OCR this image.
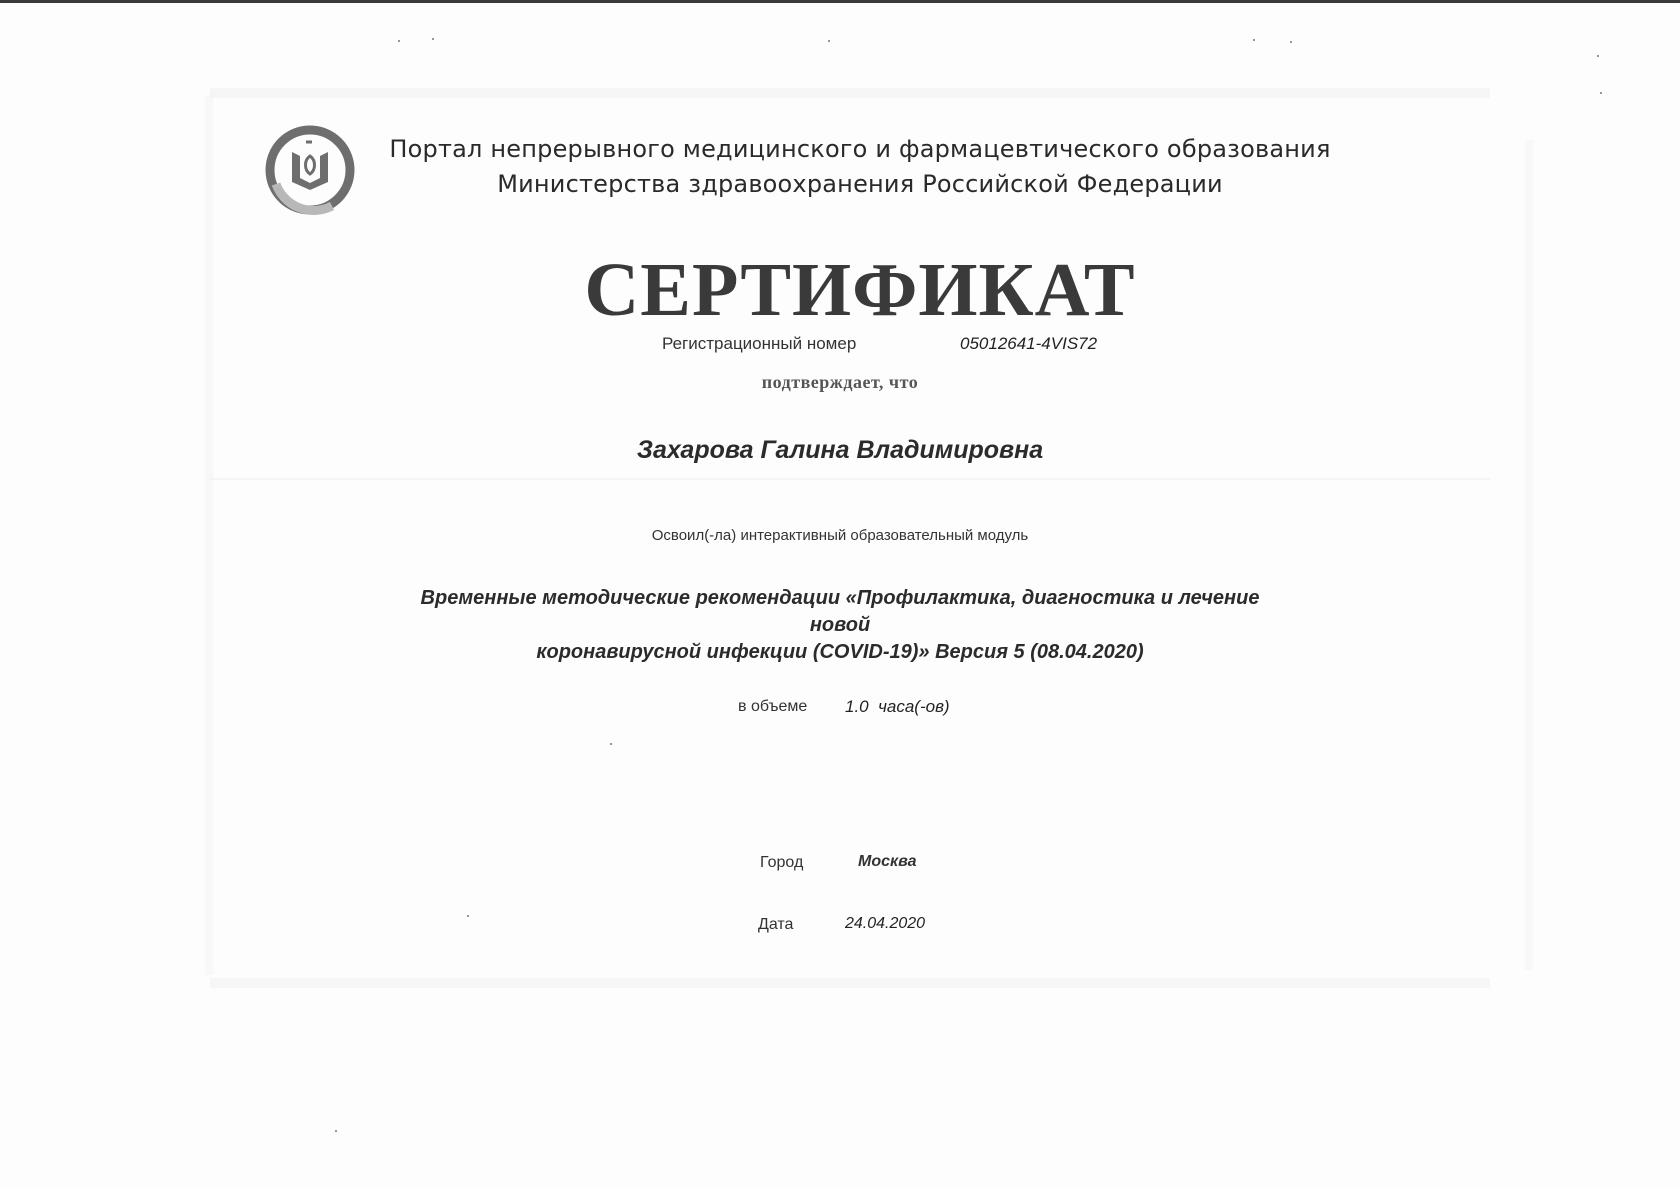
Портал непрерывного медицинского и фармацевтического образования
Министерства здравоохранения Российской Федерации
СЕРТИФИКАТ
Регистрационный номер	05012641-4VIS72
подтверждает, что
Захарова Галина Владимировна
Освоил(-ла) интерактивный образовательный модуль
Временные методические рекомендации «Профилактика, диагностика и лечение новой
коронавирусной инфекции (COVID-19)» Версия 5 (08.04.2020)
в объеме 1.0  часа(-ов)
Город	Москва
Дата	24.04.2020
